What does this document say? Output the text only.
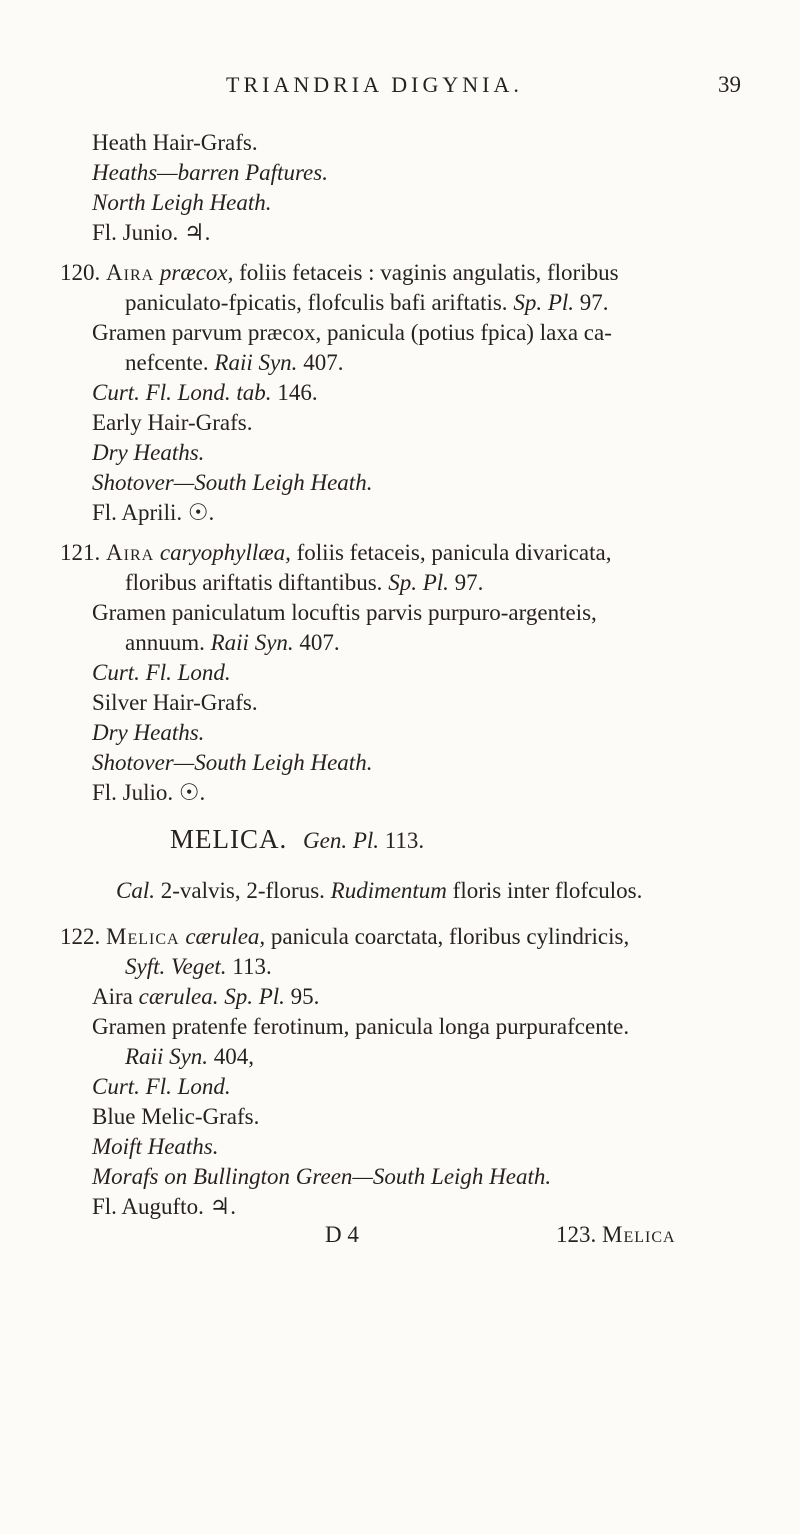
TRIANDRIA DIGYNIA.	39
Heath Hair-Grafs.
Heaths—barren Paftures.
North Leigh Heath.
Fl. Junio. ♃.
120. Aira præcox, foliis fetaceis : vaginis angulatis, floribus
paniculato-fpicatis, flofculis bafi ariftatis. Sp. Pl. 97.
Gramen parvum præcox, panicula (potius fpica) laxa ca-
nefcente. Raii Syn. 407.
Curt. Fl. Lond. tab. 146.
Early Hair-Grafs.
Dry Heaths.
Shotover—South Leigh Heath.
Fl. Aprili. ☉.
121. Aira caryophyllæa, foliis fetaceis, panicula divaricata,
floribus ariftatis diftantibus. Sp. Pl. 97.
Gramen paniculatum locuftis parvis purpuro-argenteis,
annuum. Raii Syn. 407.
Curt. Fl. Lond.
Silver Hair-Grafs.
Dry Heaths.
Shotover—South Leigh Heath.
Fl. Julio. ☉.
MELICA. Gen. Pl. 113.
Cal. 2-valvis, 2-florus. Rudimentum floris inter flofculos.
122. Melica cærulea, panicula coarctata, floribus cylindricis,
Syft. Veget. 113.
Aira cærulea. Sp. Pl. 95.
Gramen pratenfe ferotinum, panicula longa purpurafcente.
Raii Syn. 404,
Curt. Fl. Lond.
Blue Melic-Grafs.
Moift Heaths.
Morafs on Bullington Green—South Leigh Heath.
Fl. Augufto. ♃.
D 4	123. Melica
